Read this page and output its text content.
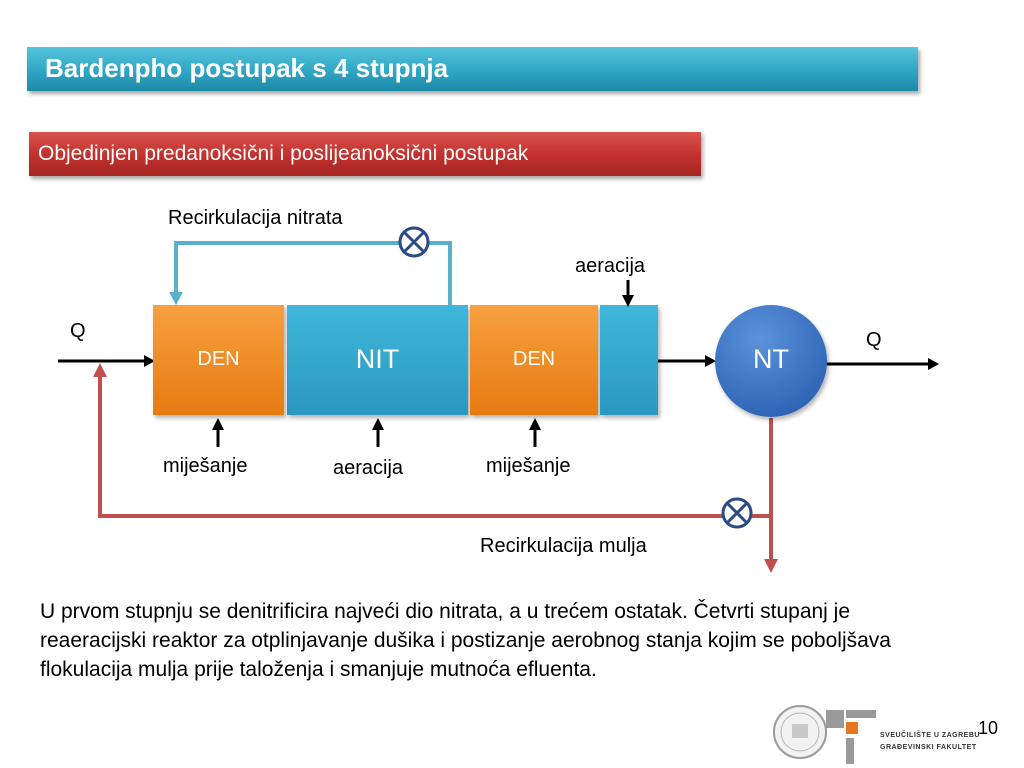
Bardenpho postupak s 4 stupnja
Objedinjen predanoksični i poslijeanoksični postupak
Recirkulacija nitrata
aeracija
Q	Q
DEN	NIT	DEN	NT
miješanje	aeracija	miješanje
Recirkulacija mulja
U prvom stupnju se denitrificira najveći dio nitrata, a u trećem ostatak. Četvrti stupanj je reaeracijski reaktor za otplinjavanje dušika i postizanje aerobnog stanja kojim se poboljšava flokulacija mulja prije taloženja i smanjuje mutnoća efluenta.
SVEUČILIŠTE U ZAGREBU
GRAĐEVINSKI FAKULTET
10
